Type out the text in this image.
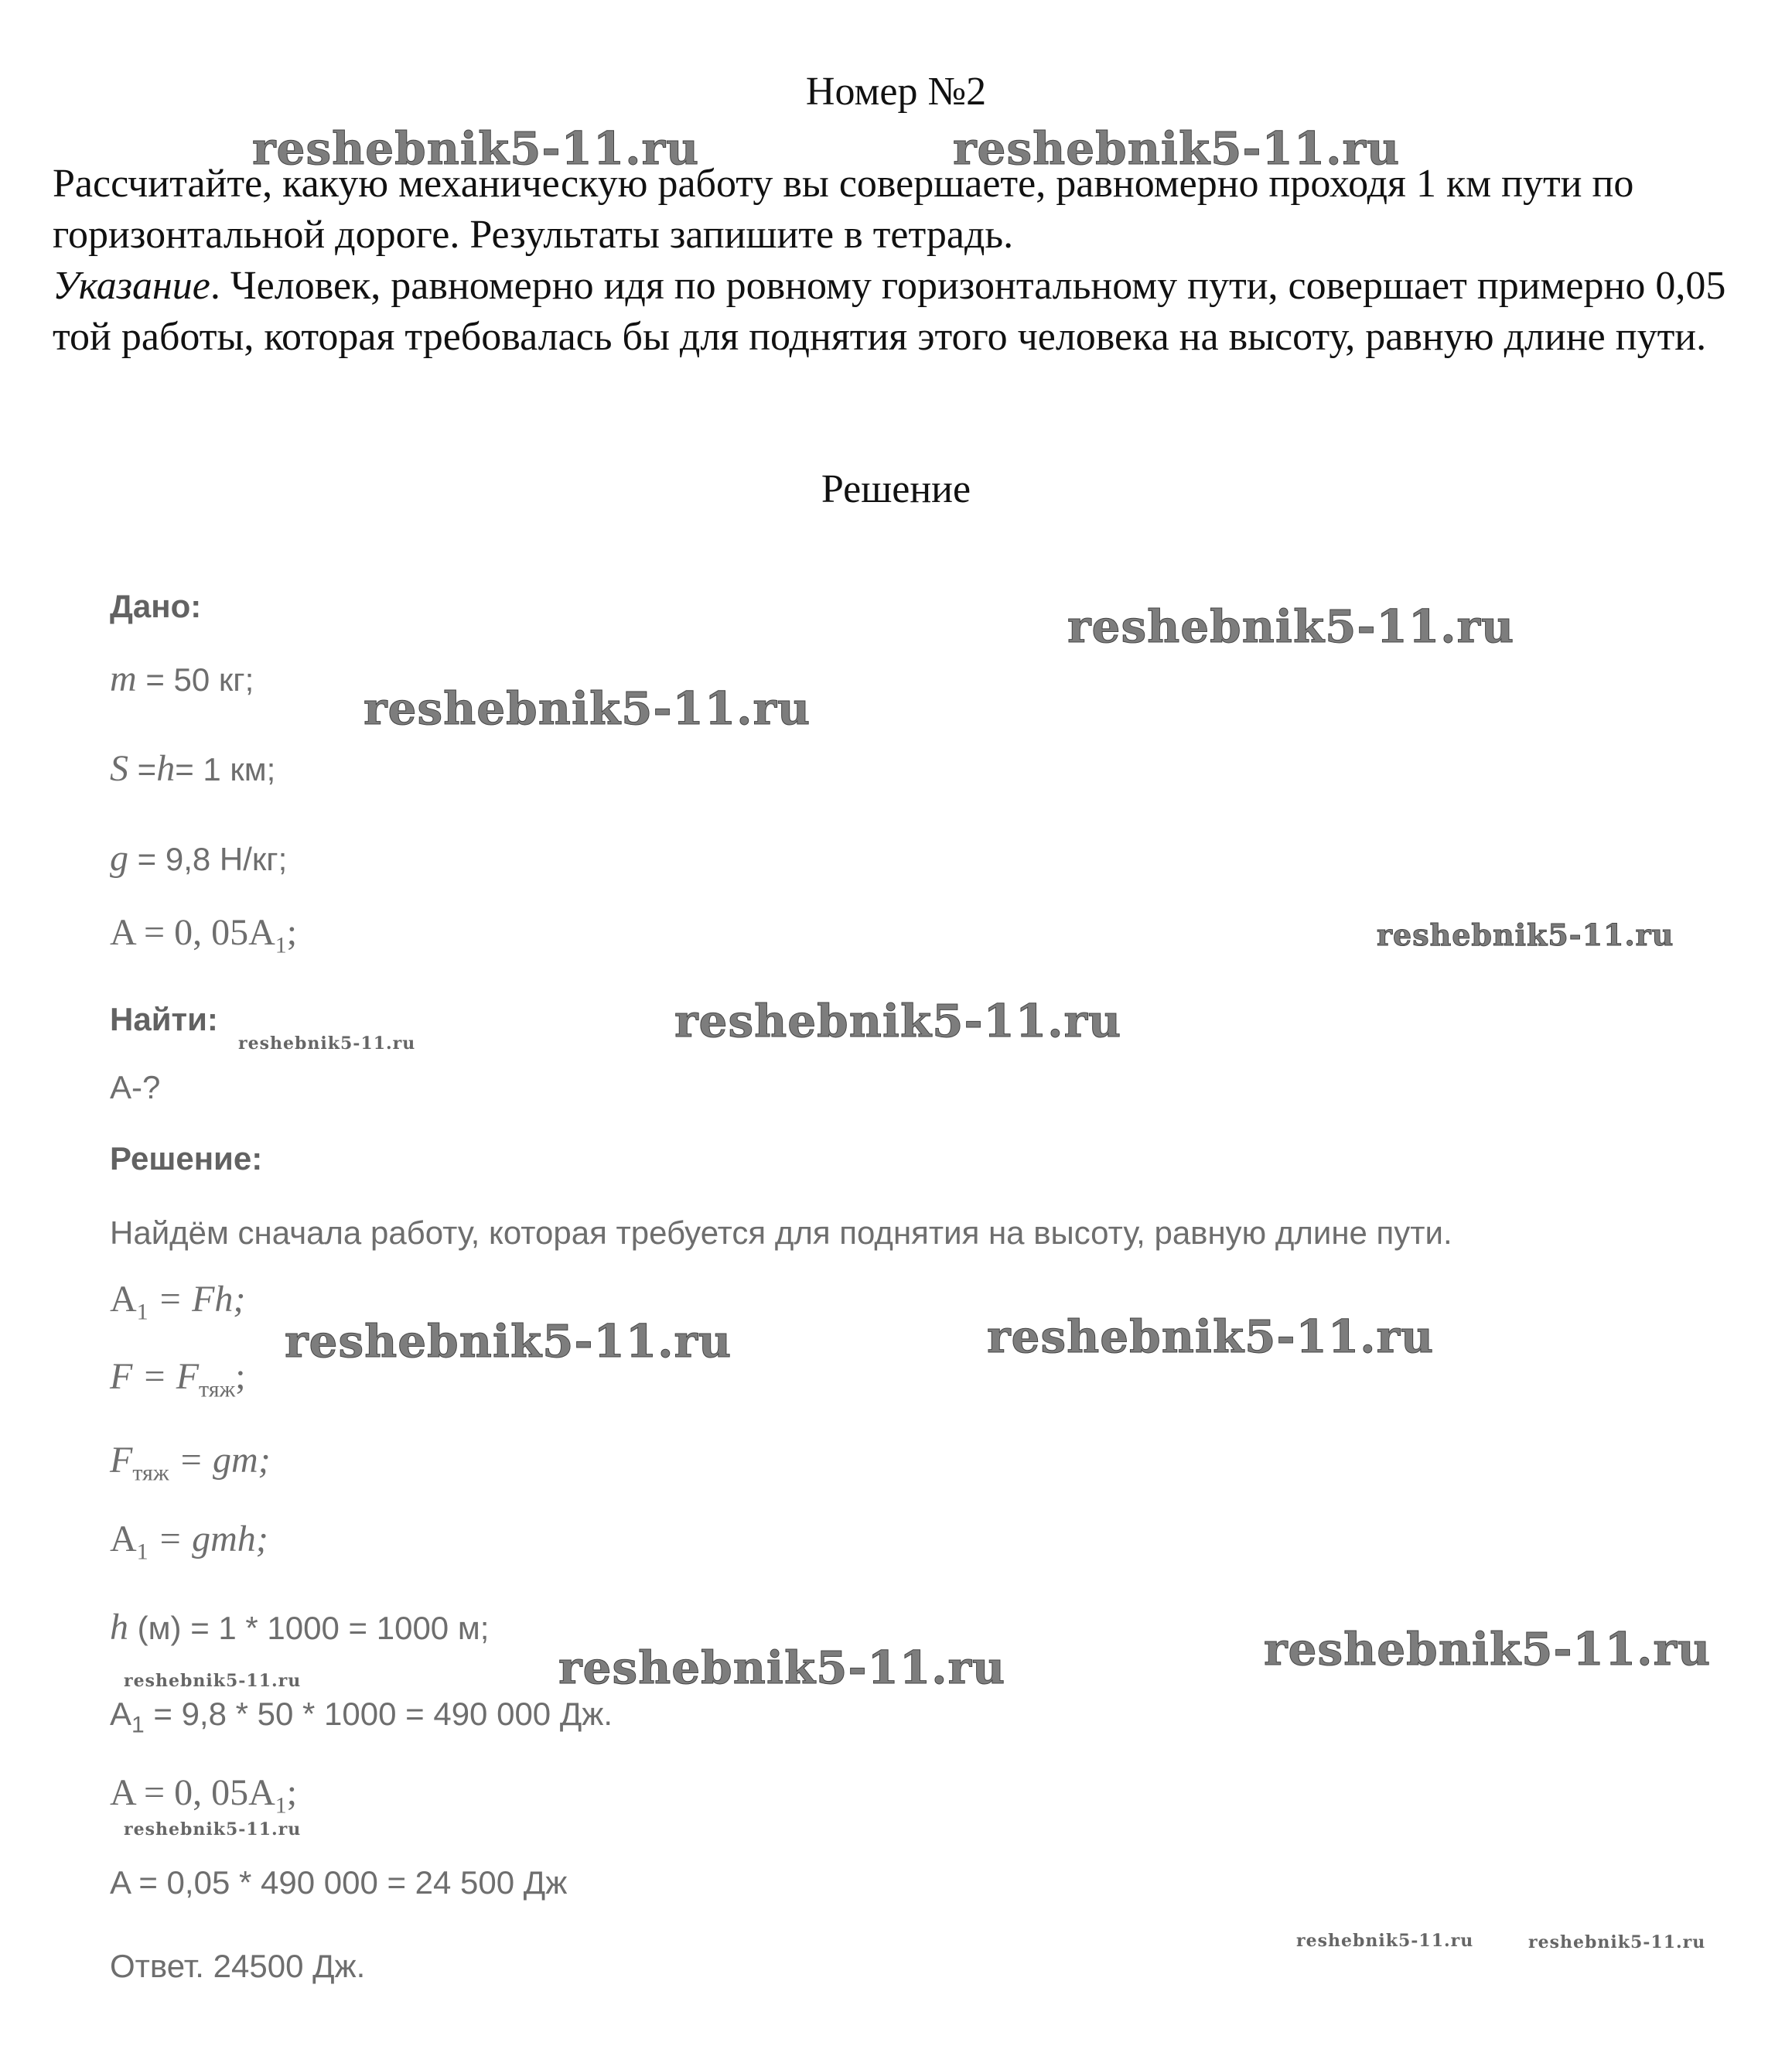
Номер №2

Рассчитайте, какую механическую работу вы совершаете, равномерно проходя 1 км пути по горизонтальной дороге. Результаты запишите в тетрадь.

Указание. Человек, равномерно идя по ровному горизонтальному пути, совершает примерно 0,05 той работы, которая требовалась бы для поднятия этого человека на высоту, равную длине пути.

Решение
Дано:
m = 50 кг;
S =h= 1 км;
g = 9,8 Н/кг;
A = 0, $05A_1$;
Найти:
A-?
Решение:
Найдём сначала работу, которая требуется для поднятия на высоту, равную длине пути.
$A_1 = Fh$;
$F = F_{тяж}$;
$F_{тяж}$ = gm;
$A_1$ = gmh;
h (м) = 1 * 1000 = 1000 м;
$A_1 = 9,8 * 50 * 1000 = 490$ 000 Дж.
A = 0, $05A_1$;
A = 0,05 * 490 000 = 24 500 Дж
Ответ. 24500 Дж.
reshebnik5-11.ru	reshebnik5-11.ru
reshebnik5-11.ru
reshebnik5-11.ru
reshebnik5-11.ru
reshebnik5-11.ru
reshebnik5-11.ru
reshebnik5-11.ru	reshebnik5-11.ru
reshebnik5-11.ru
reshebnik5-11.ru
reshebnik5-11.ru
reshebnik5-11.ru
reshebnik5-11.ru	reshebnik5-11.ru
